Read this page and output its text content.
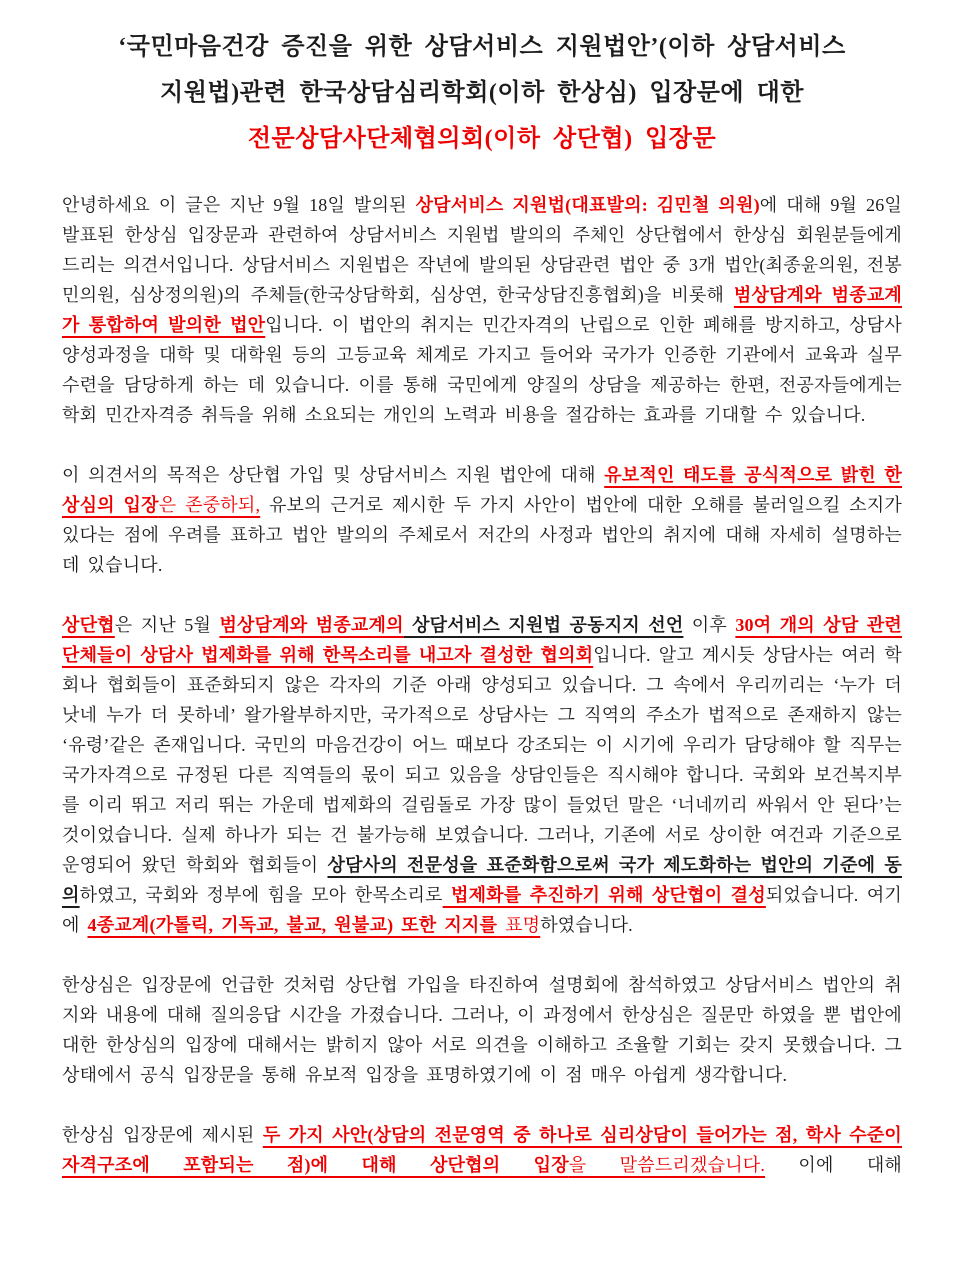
‘국민마음건강 증진을 위한 상담서비스 지원법안’(이하 상담서비스
지원법)관련 한국상담심리학회(이하 한상심) 입장문에 대한
전문상담사단체협의회(이하 상단협) 입장문

안녕하세요 이 글은 지난 9월 18일 발의된 상담서비스 지원법(대표발의: 김민철 의원)에 대해 9월 26일 발표된 한상심 입장문과 관련하여 상담서비스 지원법 발의의 주체인 상단협에서 한상심 회원분들에게 드리는 의견서입니다. 상담서비스 지원법은 작년에 발의된 상담관련 법안 중 3개 법안(최종윤의원, 전봉민의원, 심상정의원)의 주체들(한국상담학회, 심상연, 한국상담진흥협회)을 비롯해 범상담계와 범종교계가 통합하여 발의한 법안입니다. 이 법안의 취지는 민간자격의 난립으로 인한 폐해를 방지하고, 상담사 양성과정을 대학 및 대학원 등의 고등교육 체계로 가지고 들어와 국가가 인증한 기관에서 교육과 실무수련을 담당하게 하는 데 있습니다. 이를 통해 국민에게 양질의 상담을 제공하는 한편, 전공자들에게는 학회 민간자격증 취득을 위해 소요되는 개인의 노력과 비용을 절감하는 효과를 기대할 수 있습니다.

이 의견서의 목적은 상단협 가입 및 상담서비스 지원 법안에 대해 유보적인 태도를 공식적으로 밝힌 한상심의 입장은 존중하되, 유보의 근거로 제시한 두 가지 사안이 법안에 대한 오해를 불러일으킬 소지가 있다는 점에 우려를 표하고 법안 발의의 주체로서 저간의 사정과 법안의 취지에 대해 자세히 설명하는 데 있습니다.

상단협은 지난 5월 범상담계와 범종교계의 상담서비스 지원법 공동지지 선언 이후 30여 개의 상담 관련 단체들이 상담사 법제화를 위해 한목소리를 내고자 결성한 협의회입니다. 알고 계시듯 상담사는 여러 학회나 협회들이 표준화되지 않은 각자의 기준 아래 양성되고 있습니다. 그 속에서 우리끼리는 ‘누가 더 낫네 누가 더 못하네’ 왈가왈부하지만, 국가적으로 상담사는 그 직역의 주소가 법적으로 존재하지 않는 ‘유령’같은 존재입니다. 국민의 마음건강이 어느 때보다 강조되는 이 시기에 우리가 담당해야 할 직무는 국가자격으로 규정된 다른 직역들의 몫이 되고 있음을 상담인들은 직시해야 합니다. 국회와 보건복지부를 이리 뛰고 저리 뛰는 가운데 법제화의 걸림돌로 가장 많이 들었던 말은 ‘너네끼리 싸워서 안 된다’는 것이었습니다. 실제 하나가 되는 건 불가능해 보였습니다. 그러나, 기존에 서로 상이한 여건과 기준으로 운영되어 왔던 학회와 협회들이 상담사의 전문성을 표준화함으로써 국가 제도화하는 법안의 기준에 동의하였고, 국회와 정부에 힘을 모아 한목소리로 법제화를 추진하기 위해 상단협이 결성되었습니다. 여기에 4종교계(가톨릭, 기독교, 불교, 원불교) 또한 지지를 표명하였습니다.

한상심은 입장문에 언급한 것처럼 상단협 가입을 타진하여 설명회에 참석하였고 상담서비스 법안의 취지와 내용에 대해 질의응답 시간을 가졌습니다. 그러나, 이 과정에서 한상심은 질문만 하였을 뿐 법안에 대한 한상심의 입장에 대해서는 밝히지 않아 서로 의견을 이해하고 조율할 기회는 갖지 못했습니다. 그 상태에서 공식 입장문을 통해 유보적 입장을 표명하였기에 이 점 매우 아쉽게 생각합니다.

한상심 입장문에 제시된 두 가지 사안(상담의 전문영역 중 하나로 심리상담이 들어가는 점, 학사 수준이 자격구조에 포함되는 점)에 대해 상단협의 입장을 말씀드리겠습니다. 이에 대해
